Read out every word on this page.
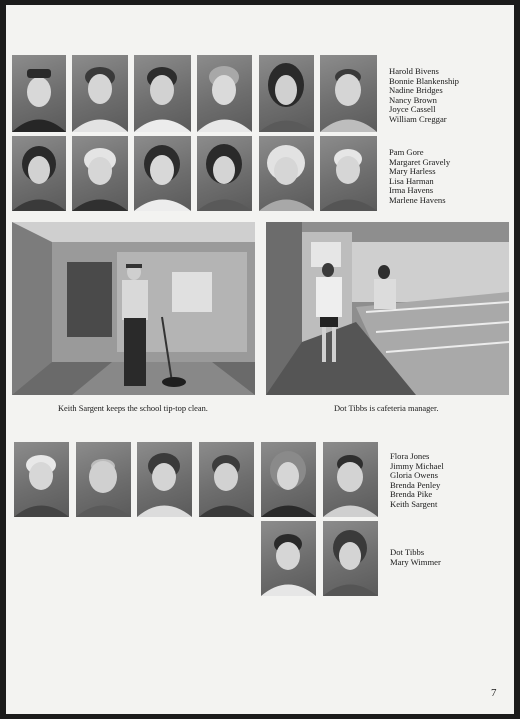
Harold Bivens
Bonnie Blankenship
Nadine Bridges
Nancy Brown
Joyce Cassell
William Creggar
Pam Gore
Margaret Gravely
Mary Harless
Lisa Harman
Irma Havens
Marlene Havens
Keith Sargent keeps the school tip-top clean.	Dot Tibbs is cafeteria manager.
Flora Jones
Jimmy Michael
Gloria Owens
Brenda Penley
Brenda Pike
Keith Sargent
Dot Tibbs
Mary Wimmer
7
